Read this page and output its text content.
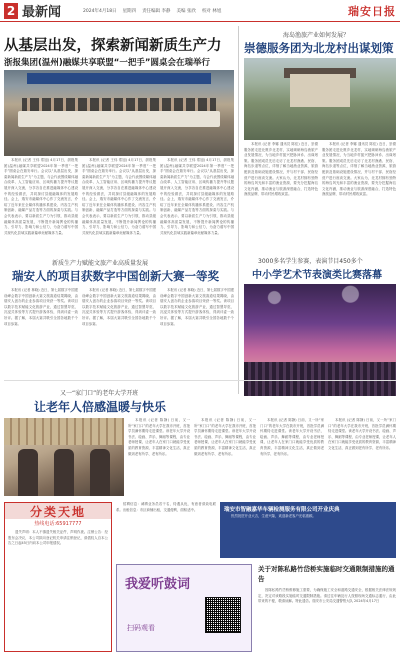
2 最新闻	2024年4月18日 星期四 责任编辑 李静 美编 张欣 校对 林旭	瑞安日报
从基层出发，探索新闻新质生产力
浙报集团(温州)融媒共享联盟“一把手”圆桌会在瑞举行

本报讯 (记者 王伟 郑旭) 4月17日，浙报集团(温州)融媒共享联盟2024年第一季度“一把手”圆桌会在瑞安举行。会议以“从基层出发，探索新闻新质生产力”为主题，与会代表围绕媒体融合改革、人工智能应用、区域传播力提升等议题展开深入交流，分享各自在推进融媒体中心建设中的经验做法，共同探讨县级融媒体的发展路径。会上，瑞安市融媒体中心作了交流发言，介绍了近年来在全媒体传播体系建设、内容生产机制创新、融媒产品打造等方面的探索与实践。与会代表表示，要以新质生产力为引领，推动县级融媒体高质量发展，不断提升新闻舆论的传播力、引导力、影响力和公信力，为奋力谱写中国式现代化县域实践新篇章贡献媒体力量。

本报讯 (记者 王伟 郑旭) 4月17日，浙报集团(温州)融媒共享联盟2024年第一季度“一把手”圆桌会在瑞安举行。会议以“从基层出发，探索新闻新质生产力”为主题，与会代表围绕媒体融合改革、人工智能应用、区域传播力提升等议题展开深入交流，分享各自在推进融媒体中心建设中的经验做法，共同探讨县级融媒体的发展路径。会上，瑞安市融媒体中心作了交流发言，介绍了近年来在全媒体传播体系建设、内容生产机制创新、融媒产品打造等方面的探索与实践。与会代表表示，要以新质生产力为引领，推动县级融媒体高质量发展，不断提升新闻舆论的传播力、引导力、影响力和公信力，为奋力谱写中国式现代化县域实践新篇章贡献媒体力量。

本报讯 (记者 王伟 郑旭) 4月17日，浙报集团(温州)融媒共享联盟2024年第一季度“一把手”圆桌会在瑞安举行。会议以“从基层出发，探索新闻新质生产力”为主题，与会代表围绕媒体融合改革、人工智能应用、区域传播力提升等议题展开深入交流，分享各自在推进融媒体中心建设中的经验做法，共同探讨县级融媒体的发展路径。会上，瑞安市融媒体中心作了交流发言，介绍了近年来在全媒体传播体系建设、内容生产机制创新、融媒产品打造等方面的探索与实践。与会代表表示，要以新质生产力为引领，推动县级融媒体高质量发展，不断提升新闻舆论的传播力、引导力、影响力和公信力，为奋力谱写中国式现代化县域实践新篇章贡献媒体力量。

海岛渔旅产业如何发展？
崇德服务团为北龙村出谋划策

本报讯 (记者 李娜 通讯员 陈佳) 近日，崇德服务团走进北麂乡北龙村，实地调研海岛渔旅产业发展情况，为当地乡村振兴把脉问诊、出谋划策。服务团成员先后走访了北龙村渔港、民宿、海岛步道等点位，详细了解当地渔业资源、旅游配套及基础设施建设情况，并与村干部、民宿经营户进行座谈交流。大家认为，北龙村拥有独特的海岛风光和丰富的渔业资源，要充分挖掘海岛文化内涵，推动渔业与旅游深度融合，打造特色渔旅品牌，带动村民增收致富。

本报讯 (记者 李娜 通讯员 陈佳) 近日，崇德服务团走进北麂乡北龙村，实地调研海岛渔旅产业发展情况，为当地乡村振兴把脉问诊、出谋划策。服务团成员先后走访了北龙村渔港、民宿、海岛步道等点位，详细了解当地渔业资源、旅游配套及基础设施建设情况，并与村干部、民宿经营户进行座谈交流。大家认为，北龙村拥有独特的海岛风光和丰富的渔业资源，要充分挖掘海岛文化内涵，推动渔业与旅游深度融合，打造特色渔旅品牌，带动村民增收致富。

3000多名学生参赛，表演节目450多个
中小学艺术节表演类比赛落幕
新质生产力赋能文旅产业高质量发展
瑞安人的项目获数字中国创新大赛一等奖

本报讯 (记者 林晓) 近日，第七届数字中国建设峰会数字中国创新大赛文旅赛道结果揭晓，由瑞安人创办的企业参赛项目荣获一等奖。该项目以数字技术赋能文化旅游产业，通过智慧导览、沉浸式体验等方式提升游客体验，得到评委一致好评。据了解，本届大赛共吸引全国各地数千个项目参赛。

本报讯 (记者 林晓) 近日，第七届数字中国建设峰会数字中国创新大赛文旅赛道结果揭晓，由瑞安人创办的企业参赛项目荣获一等奖。该项目以数字技术赋能文化旅游产业，通过智慧导览、沉浸式体验等方式提升游客体验，得到评委一致好评。据了解，本届大赛共吸引全国各地数千个项目参赛。

本报讯 (记者 林晓) 近日，第七届数字中国建设峰会数字中国创新大赛文旅赛道结果揭晓，由瑞安人创办的企业参赛项目荣获一等奖。该项目以数字技术赋能文化旅游产业，通过智慧导览、沉浸式体验等方式提升游客体验，得到评委一致好评。据了解，本届大赛共吸引全国各地数千个项目参赛。

又一“家门口”的老年大学开班
让老年人倍感温暖与快乐

本报讯 (记者 陈静) 日前，又一所“家门口”的老年大学在我市开班，首批学员满怀期待走进课堂。该老年大学开设书法、绘画、声乐、舞蹈等课程，由专业老师授课，让老年人在家门口就能享受优质的教育资源，丰富精神文化生活，真正做到老有所学、老有所乐。

本报讯 (记者 陈静) 日前，又一所“家门口”的老年大学在我市开班，首批学员满怀期待走进课堂。该老年大学开设书法、绘画、声乐、舞蹈等课程，由专业老师授课，让老年人在家门口就能享受优质的教育资源，丰富精神文化生活，真正做到老有所学、老有所乐。

本报讯 (记者 陈静) 日前，又一所“家门口”的老年大学在我市开班，首批学员满怀期待走进课堂。该老年大学开设书法、绘画、声乐、舞蹈等课程，由专业老师授课，让老年人在家门口就能享受优质的教育资源，丰富精神文化生活，真正做到老有所学、老有所乐。

本报讯 (记者 陈静) 日前，又一所“家门口”的老年大学在我市开班，首批学员满怀期待走进课堂。该老年大学开设书法、绘画、声乐、舞蹈等课程，由专业老师授课，让老年人在家门口就能享受优质的教育资源，丰富精神文化生活，真正做到老有所学、老有所乐。

分类天地
热线电话:65917777

遗失声明：本人不慎遗失相关证件，声明作废。注销公告：经股东会决议，本公司拟向登记机关申请注销登记，请债权人自本公告之日起45日内向本公司申报债权。

招聘信息：诚聘业务员若干名，待遇从优，有意者请致电联系。出租信息：市区商铺出租，交通便利，面积适中。	瑞安市智融嘉华车辆检测服务有限公司开业庆典

热烈祝贺开业大吉，生意兴隆，欢迎新老客户光临惠顾。

我爱听鼓词
扫码观看
关于对陈私路竹岱桥实施临时交通限制措施的通告

因陈私路竹岱桥维修施工需要，为确保施工安全和道路交通安全，根据相关法律法规规定，决定对该路段实施临时交通限制措施。请过往车辆及行人按照现场交通标志通行，由此带来的不便，敬请谅解。特此通告。瑞安市公安局交通警察大队 2024年4月17日
